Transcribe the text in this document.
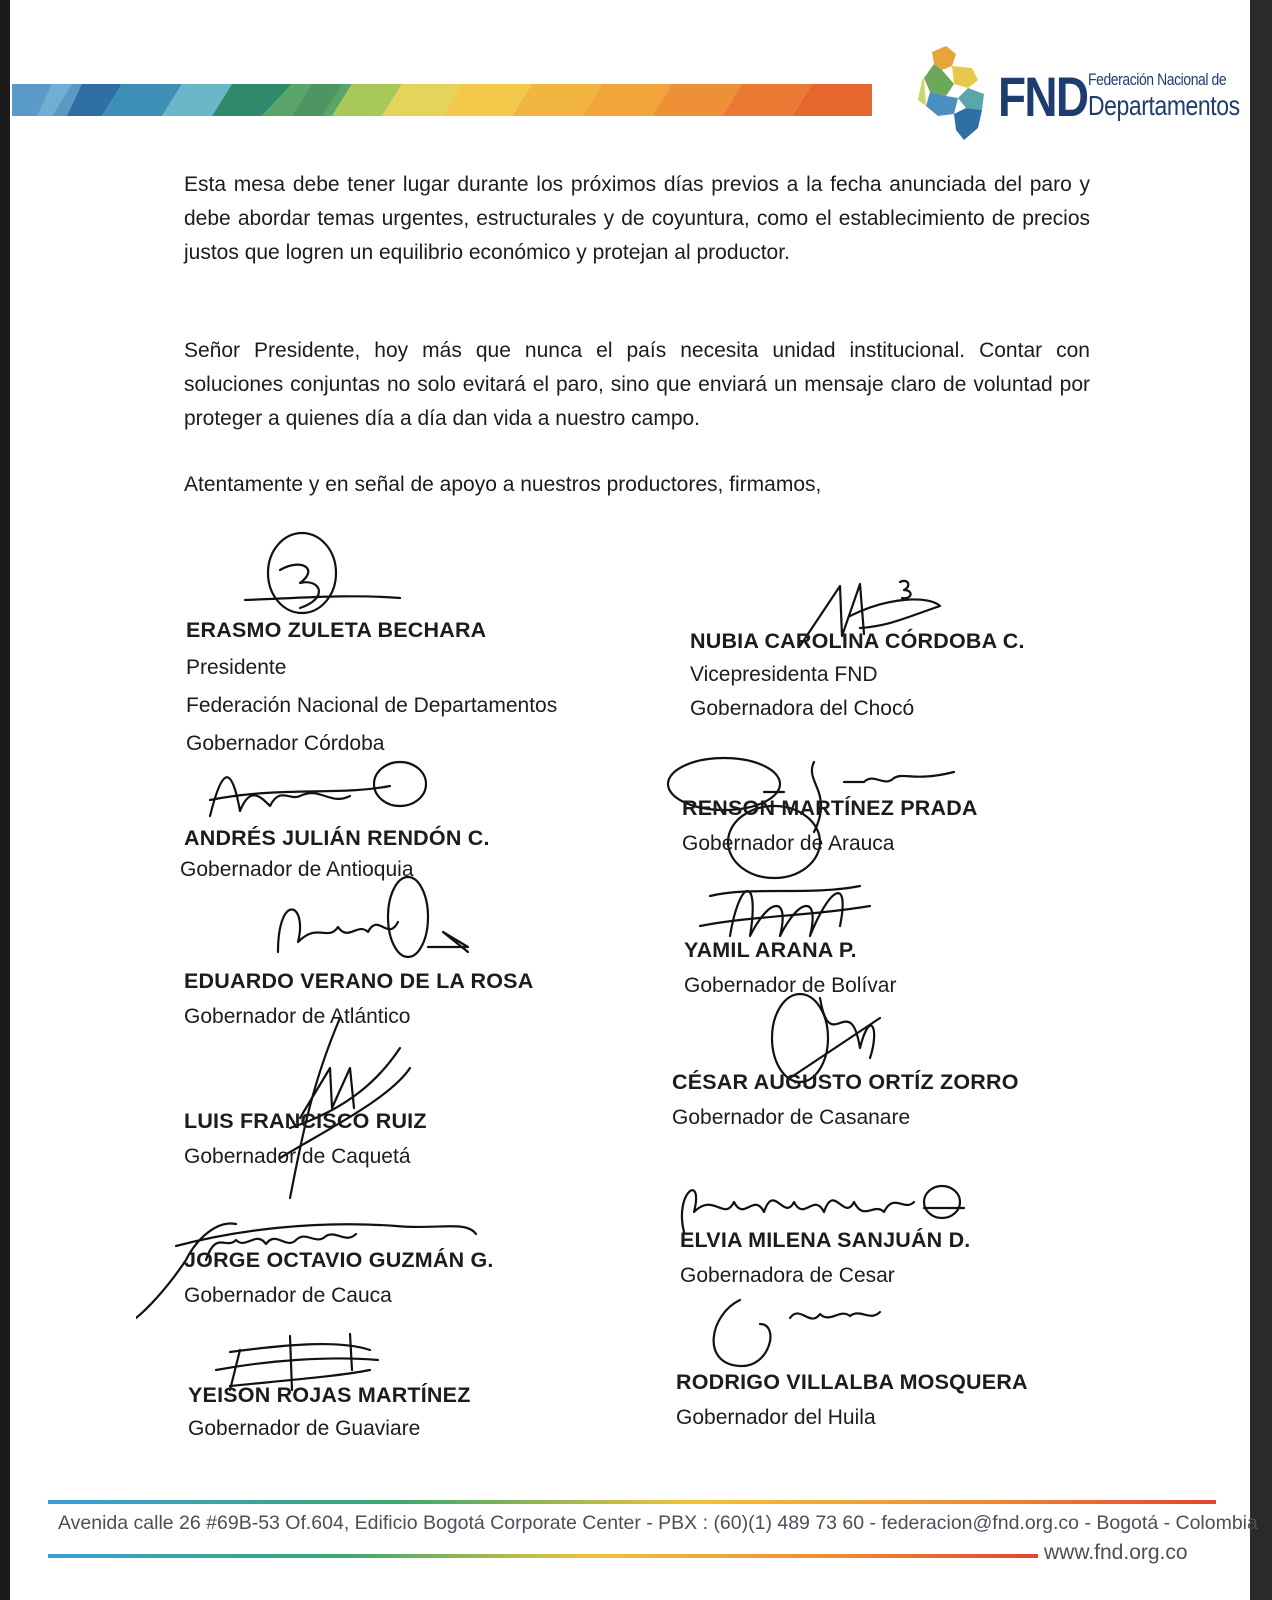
FND Federación Nacional de
Departamentos
Esta mesa debe tener lugar durante los próximos días previos a la fecha anunciada del paro y debe abordar temas urgentes, estructurales y de coyuntura, como el establecimiento de precios justos que logren un equilibrio económico y protejan al productor.
Señor Presidente, hoy más que nunca el país necesita unidad institucional. Contar con soluciones conjuntas no solo evitará el paro, sino que enviará un mensaje claro de voluntad por proteger a quienes día a día dan vida a nuestro campo.
Atentamente y en señal de apoyo a nuestros productores, firmamos,
ERASMO ZULETA BECHARA
Presidente
Federación Nacional de Departamentos
Gobernador Córdoba
ANDRÉS JULIÁN RENDÓN C.
Gobernador de Antioquia
EDUARDO VERANO DE LA ROSA
Gobernador de Atlántico
LUIS FRANCISCO RUIZ
Gobernador de Caquetá
JORGE OCTAVIO GUZMÁN G.
Gobernador de Cauca
YEISON ROJAS MARTÍNEZ
Gobernador de Guaviare
NUBIA CAROLINA CÓRDOBA C.
Vicepresidenta FND
Gobernadora del Chocó
RENSON MARTÍNEZ PRADA
Gobernador de Arauca
YAMIL ARANA P.
Gobernador de Bolívar
CÉSAR AUGUSTO ORTÍZ ZORRO
Gobernador de Casanare
ELVIA MILENA SANJUÁN D.
Gobernadora de Cesar
RODRIGO VILLALBA MOSQUERA
Gobernador del Huila
Avenida calle 26 #69B-53 Of.604, Edificio Bogotá Corporate Center - PBX : (60)(1) 489 73 60 - federacion@fnd.org.co - Bogotá - Colombia
www.fnd.org.co
